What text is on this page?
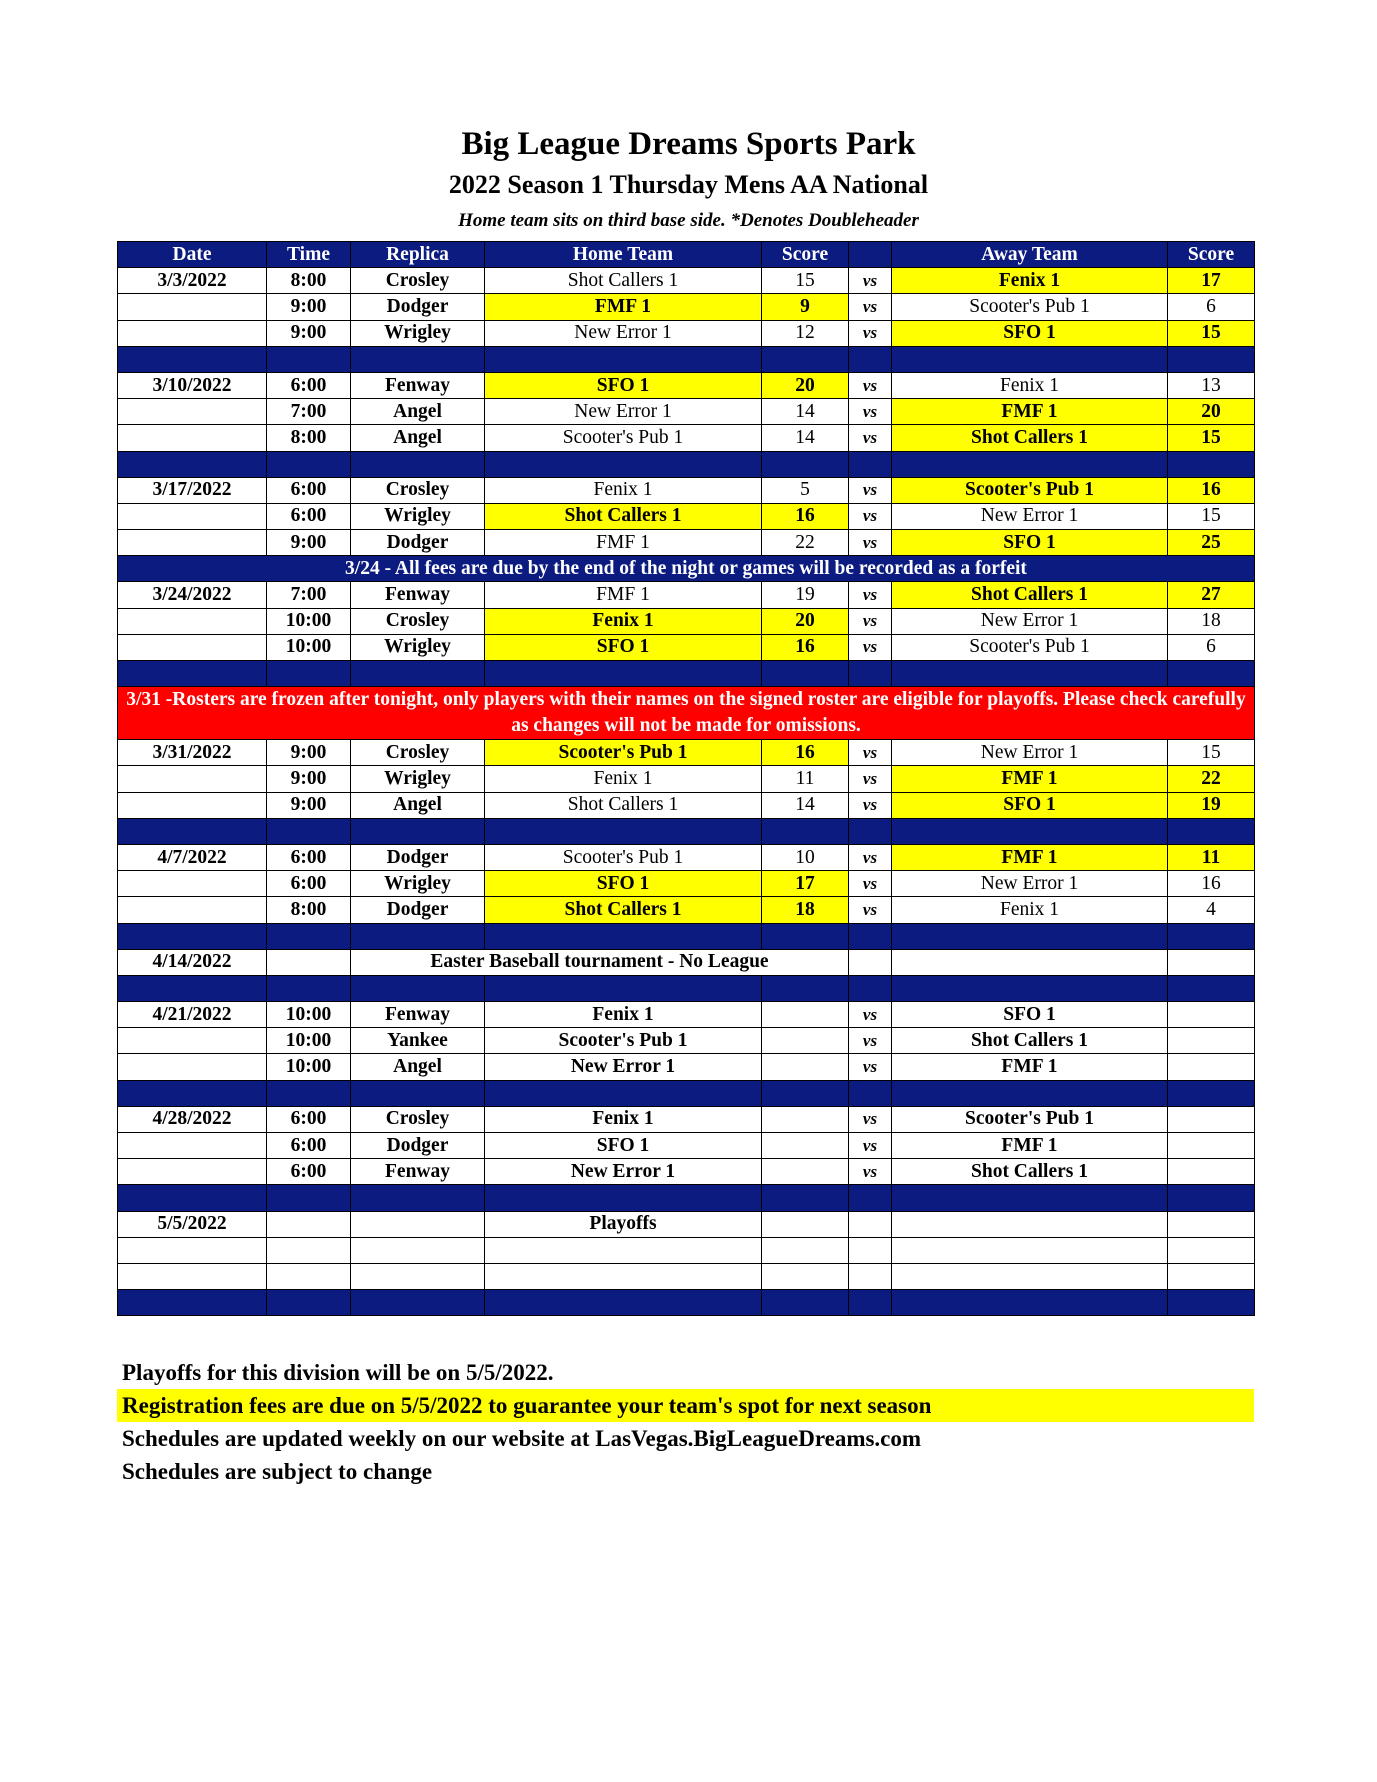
Big League Dreams Sports Park
2022 Season 1 Thursday Mens AA National
Home team sits on third base side. *Denotes Doubleheader
Date	Time	Replica	Home Team	Score		Away Team	Score
3/3/2022	8:00	Crosley	Shot Callers 1	15	vs	Fenix 1	17
	9:00	Dodger	FMF 1	9	vs	Scooter's Pub 1	6
	9:00	Wrigley	New Error 1	12	vs	SFO 1	15

3/10/2022	6:00	Fenway	SFO 1	20	vs	Fenix 1	13
	7:00	Angel	New Error 1	14	vs	FMF 1	20
	8:00	Angel	Scooter's Pub 1	14	vs	Shot Callers 1	15

3/17/2022	6:00	Crosley	Fenix 1	5	vs	Scooter's Pub 1	16
	6:00	Wrigley	Shot Callers 1	16	vs	New Error 1	15
	9:00	Dodger	FMF 1	22	vs	SFO 1	25
3/24 - All fees are due by the end of the night or games will be recorded as a forfeit							
3/24/2022	7:00	Fenway	FMF 1	19	vs	Shot Callers 1	27
	10:00	Crosley	Fenix 1	20	vs	New Error 1	18
	10:00	Wrigley	SFO 1	16	vs	Scooter's Pub 1	6

3/31 -Rosters are frozen after tonight, only players with their names on the signed roster are eligible for playoffs. Please check carefully as changes will not be made for omissions.							
3/31/2022	9:00	Crosley	Scooter's Pub 1	16	vs	New Error 1	15
	9:00	Wrigley	Fenix 1	11	vs	FMF 1	22
	9:00	Angel	Shot Callers 1	14	vs	SFO 1	19

4/7/2022	6:00	Dodger	Scooter's Pub 1	10	vs	FMF 1	11
	6:00	Wrigley	SFO 1	17	vs	New Error 1	16
	8:00	Dodger	Shot Callers 1	18	vs	Fenix 1	4

4/14/2022		Easter Baseball tournament - No League					

4/21/2022	10:00	Fenway	Fenix 1		vs	SFO 1	
	10:00	Yankee	Scooter's Pub 1		vs	Shot Callers 1	
	10:00	Angel	New Error 1		vs	FMF 1	

4/28/2022	6:00	Crosley	Fenix 1		vs	Scooter's Pub 1	
	6:00	Dodger	SFO 1		vs	FMF 1	
	6:00	Fenway	New Error 1		vs	Shot Callers 1	

5/5/2022			Playoffs				

Playoffs for this division will be on 5/5/2022.
Registration fees are due on 5/5/2022 to guarantee your team's spot for next season
Schedules are updated weekly on our website at LasVegas.BigLeagueDreams.com
Schedules are subject to change
